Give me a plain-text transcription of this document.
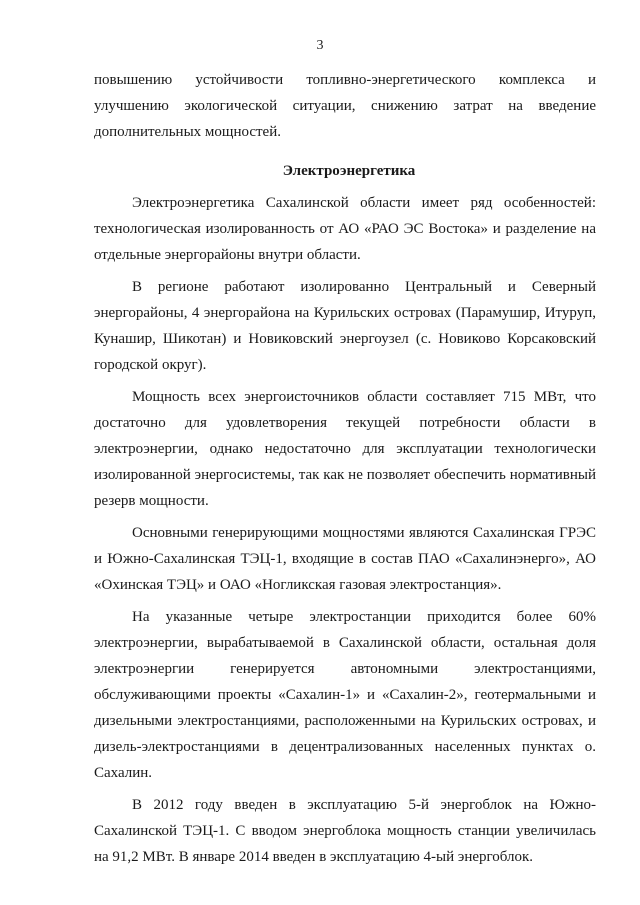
3

повышению устойчивости топливно-энергетического комплекса и улучшению экологической ситуации, снижению затрат на введение дополнительных мощностей.

Электроэнергетика

Электроэнергетика Сахалинской области имеет ряд особенностей: технологическая изолированность от АО «РАО ЭС Востока» и разделение на отдельные энергорайоны внутри области.

В регионе работают изолированно Центральный и Северный энергорайоны, 4 энергорайона на Курильских островах (Парамушир, Итуруп, Кунашир, Шикотан) и Новиковский энергоузел (с. Новиково Корсаковский городской округ).

Мощность всех энергоисточников области составляет 715 МВт, что достаточно для удовлетворения текущей потребности области в электроэнергии, однако недостаточно для эксплуатации технологически изолированной энергосистемы, так как не позволяет обеспечить нормативный резерв мощности.

Основными генерирующими мощностями являются Сахалинская ГРЭС и Южно-Сахалинская ТЭЦ-1, входящие в состав ПАО «Сахалинэнерго», АО «Охинская ТЭЦ» и ОАО «Ногликская газовая электростанция».

На указанные четыре электростанции приходится более 60% электроэнергии, вырабатываемой в Сахалинской области, остальная доля электроэнергии генерируется автономными электростанциями, обслуживающими проекты «Сахалин-1» и «Сахалин-2», геотермальными и дизельными электростанциями, расположенными на Курильских островах, и дизель-электростанциями в децентрализованных населенных пунктах о. Сахалин.

В 2012 году введен в эксплуатацию 5-й энергоблок на Южно-Сахалинской ТЭЦ-1. С вводом энергоблока мощность станции увеличилась на 91,2 МВт. В январе 2014 введен в эксплуатацию 4-ый энергоблок.
